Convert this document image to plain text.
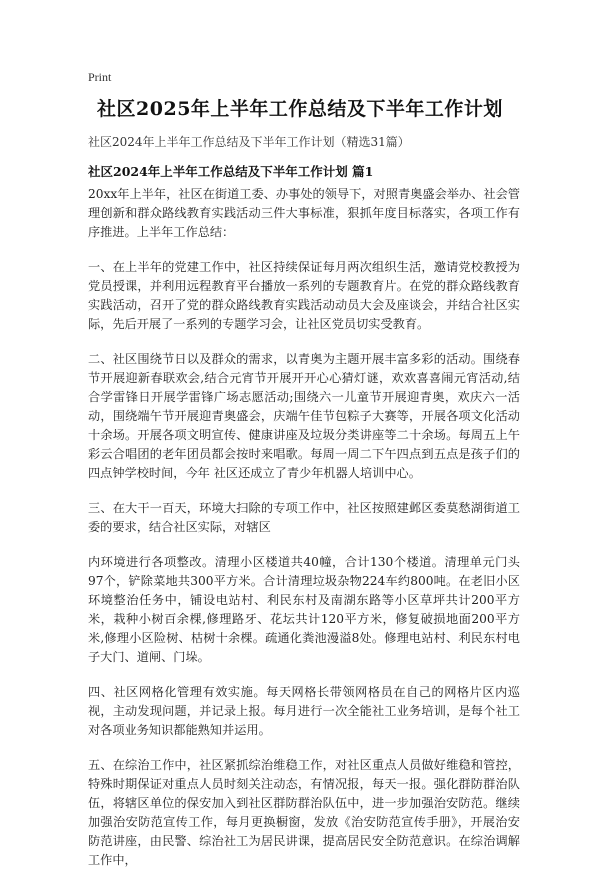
Print
社区2025年上半年工作总结及下半年工作计划
社区2024年上半年工作总结及下半年工作计划（精选31篇）
社区2024年上半年工作总结及下半年工作计划 篇1

20xx年上半年，社区在街道工委、办事处的领导下，对照青奥盛会举办、社会管理创新和群众路线教育实践活动三件大事标准，狠抓年度目标落实，各项工作有序推进。上半年工作总结：

一、在上半年的党建工作中，社区持续保证每月两次组织生活，邀请党校教授为党员授课，并利用远程教育平台播放一系列的专题教育片。在党的群众路线教育实践活动，召开了党的群众路线教育实践活动动员大会及座谈会，并结合社区实际，先后开展了一系列的专题学习会，让社区党员切实受教育。

二、社区围绕节日以及群众的需求，以青奥为主题开展丰富多彩的活动。围绕春节开展迎新春联欢会,结合元宵节开展开开心心猜灯谜，欢欢喜喜闹元宵活动,结合学雷锋日开展学雷锋广场志愿活动;围绕六一儿童节开展迎青奥，欢庆六一活动，围绕端午节开展迎青奥盛会，庆端午佳节包粽子大赛等，开展各项文化活动十余场。开展各项文明宣传、健康讲座及垃圾分类讲座等二十余场。每周五上午彩云合唱团的老年团员都会按时来唱歌。每周一周二下午四点到五点是孩子们的四点钟学校时间，今年 社区还成立了青少年机器人培训中心。

三、在大干一百天，环境大扫除的专项工作中，社区按照建邺区委莫愁湖街道工委的要求，结合社区实际，对辖区

内环境进行各项整改。清理小区楼道共40幢，合计130个楼道。清理单元门头97个，铲除菜地共300平方米。合计清理垃圾杂物224车约800吨。在老旧小区环境整治任务中，铺设电站村、利民东村及南湖东路等小区草坪共计200平方米，栽种小树百余棵,修理路牙、花坛共计120平方米，修复破损地面200平方米,修理小区险树、枯树十余棵。疏通化粪池漫溢8处。修理电站村、利民东村电子大门、道闸、门垛。

四、社区网格化管理有效实施。每天网格长带领网格员在自己的网格片区内巡视，主动发现问题，并记录上报。每月进行一次全能社工业务培训，是每个社工对各项业务知识都能熟知并运用。

五、在综治工作中，社区紧抓综治维稳工作，对社区重点人员做好维稳和管控，特殊时期保证对重点人员时刻关注动态，有情况报，每天一报。强化群防群治队伍，将辖区单位的保安加入到社区群防群治队伍中，进一步加强治安防范。继续加强治安防范宣传工作，每月更换橱窗，发放《治安防范宣传手册》，开展治安防范讲座，由民警、综治社工为居民讲课，提高居民安全防范意识。在综治调解工作中，
